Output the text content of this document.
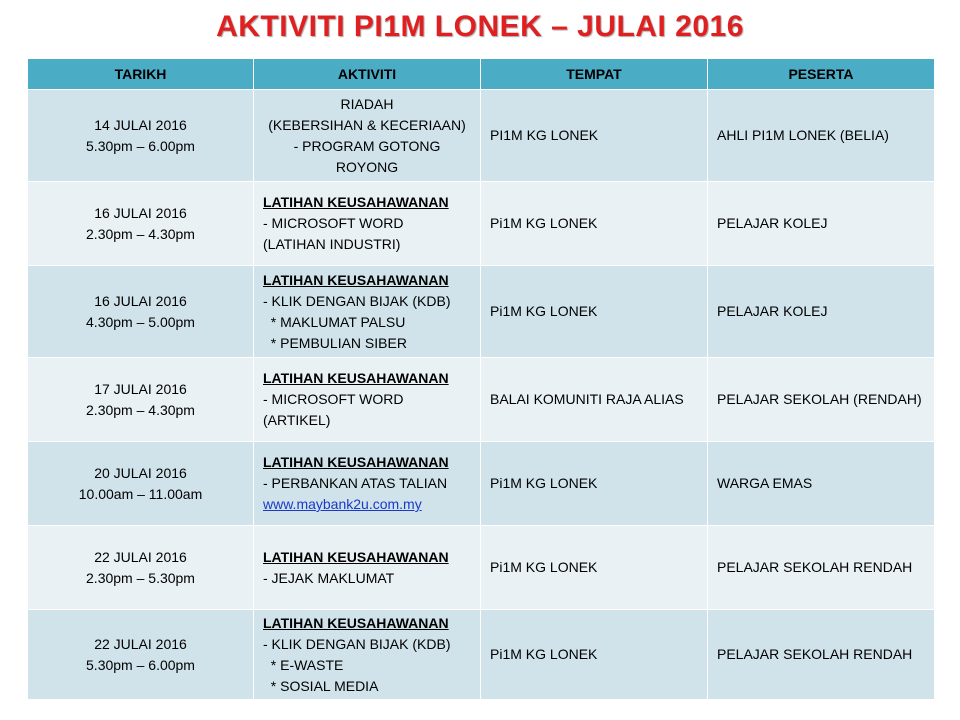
AKTIVITI PI1M LONEK – JULAI 2016
TARIKH	AKTIVITI	TEMPAT	PESERTA

14 JULAI 2016
5.30pm – 6.00pm	RIADAH
(KEBERSIHAN & KECERIAAN)
- PROGRAM GOTONG
ROYONG	PI1M KG LONEK	AHLI PI1M LONEK (BELIA)

16 JULAI 2016
2.30pm – 4.30pm	LATIHAN KEUSAHAWANAN
- MICROSOFT WORD
(LATIHAN INDUSTRI)	Pi1M KG LONEK	PELAJAR KOLEJ

16 JULAI 2016
4.30pm – 5.00pm	LATIHAN KEUSAHAWANAN
- KLIK DENGAN BIJAK (KDB)
* MAKLUMAT PALSU
* PEMBULIAN SIBER	Pi1M KG LONEK	PELAJAR KOLEJ

17 JULAI 2016
2.30pm – 4.30pm	LATIHAN KEUSAHAWANAN
- MICROSOFT WORD
(ARTIKEL)	BALAI KOMUNITI RAJA ALIAS	PELAJAR SEKOLAH (RENDAH)

20 JULAI 2016
10.00am – 11.00am	LATIHAN KEUSAHAWANAN
- PERBANKAN ATAS TALIAN
www.maybank2u.com.my	Pi1M KG LONEK	WARGA EMAS

22 JULAI 2016
2.30pm – 5.30pm	LATIHAN KEUSAHAWANAN
- JEJAK MAKLUMAT	Pi1M KG LONEK	PELAJAR SEKOLAH RENDAH

22 JULAI 2016
5.30pm – 6.00pm	LATIHAN KEUSAHAWANAN
- KLIK DENGAN BIJAK (KDB)
* E-WASTE
* SOSIAL MEDIA	Pi1M KG LONEK	PELAJAR SEKOLAH RENDAH
